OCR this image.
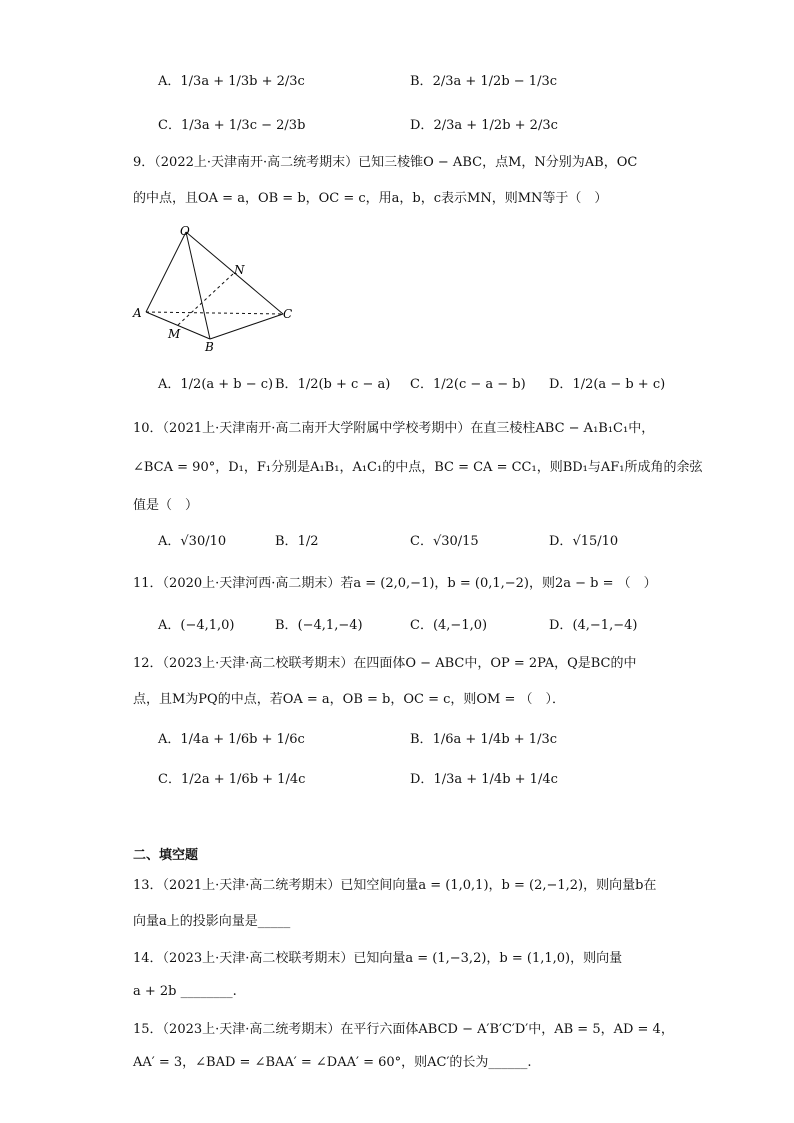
A．1/3a + 1/3b + 2/3c	B．2/3a + 1/2b − 1/3c
C．1/3a + 1/3c − 2/3b	D．2/3a + 1/2b + 2/3c
9．（2022上·天津南开·高二统考期末）已知三棱锥O − ABC，点M，N分别为AB，OC
的中点，且OA = a，OB = b，OC = c，用a，b，c表示MN，则MN等于（　）
O
N
A	C
M
B
A．1/2(a + b − c) B．1/2(b + c − a) C．1/2(c − a − b) D．1/2(a − b + c)
10．（2021上·天津南开·高二南开大学附属中学校考期中）在直三棱柱ABC − A₁B₁C₁中，
∠BCA = 90°，D₁，F₁分别是A₁B₁，A₁C₁的中点，BC = CA = CC₁，则BD₁与AF₁所成角的余弦
值是（　）
A．√30/10	B．1/2	C．√30/15	D．√15/10
11．（2020上·天津河西·高二期末）若a = (2,0,−1)，b = (0,1,−2)，则2a − b = （　）
A．(−4,1,0)	B．(−4,1,−4)	C．(4,−1,0)	D．(4,−1,−4)
12．（2023上·天津·高二校联考期末）在四面体O − ABC中，OP = 2PA，Q是BC的中
点，且M为PQ的中点，若OA = a，OB = b，OC = c，则OM = （　）．
A．1/4a + 1/6b + 1/6c	B．1/6a + 1/4b + 1/3c
C．1/2a + 1/6b + 1/4c	D．1/3a + 1/4b + 1/4c
二、填空题
13．（2021上·天津·高二统考期末）已知空间向量a = (1,0,1)，b = (2,−1,2)，则向量b在
向量a上的投影向量是_____
14．（2023上·天津·高二校联考期末）已知向量a = (1,−3,2)，b = (1,1,0)，则向量
a + 2b ________.
15．（2023上·天津·高二统考期末）在平行六面体ABCD − A′B′C′D′中，AB = 5，AD = 4，
AA′ = 3，∠BAD = ∠BAA′ = ∠DAA′ = 60°，则AC′的长为______.
